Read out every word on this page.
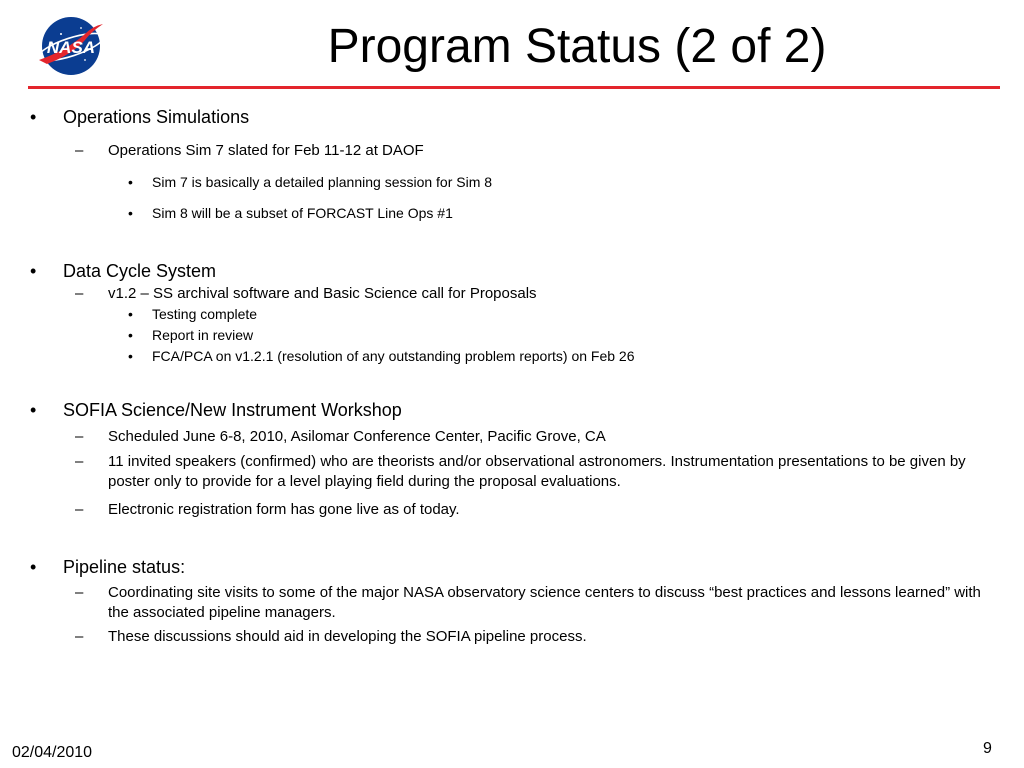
NASA	Program Status (2 of 2)
• Operations Simulations
– Operations Sim 7 slated for Feb 11-12 at DAOF
• Sim 7 is basically a detailed planning session for Sim 8
• Sim 8 will be a subset of FORCAST Line Ops #1
• Data Cycle System
– v1.2 – SS archival software and Basic Science call for Proposals
• Testing complete
• Report in review
• FCA/PCA on v1.2.1 (resolution of any outstanding problem reports) on Feb 26
• SOFIA Science/New Instrument Workshop
– Scheduled June 6-8, 2010, Asilomar Conference Center, Pacific Grove, CA
– 11 invited speakers (confirmed) who are theorists and/or observational astronomers. Instrumentation presentations to be given by poster only to provide for a level playing field during the proposal evaluations.
– Electronic registration form has gone live as of today.
• Pipeline status:
– Coordinating site visits to some of the major NASA observatory science centers to discuss “best practices and lessons learned” with the associated pipeline managers.
– These discussions should aid in developing the SOFIA pipeline process.
02/04/2010	9
